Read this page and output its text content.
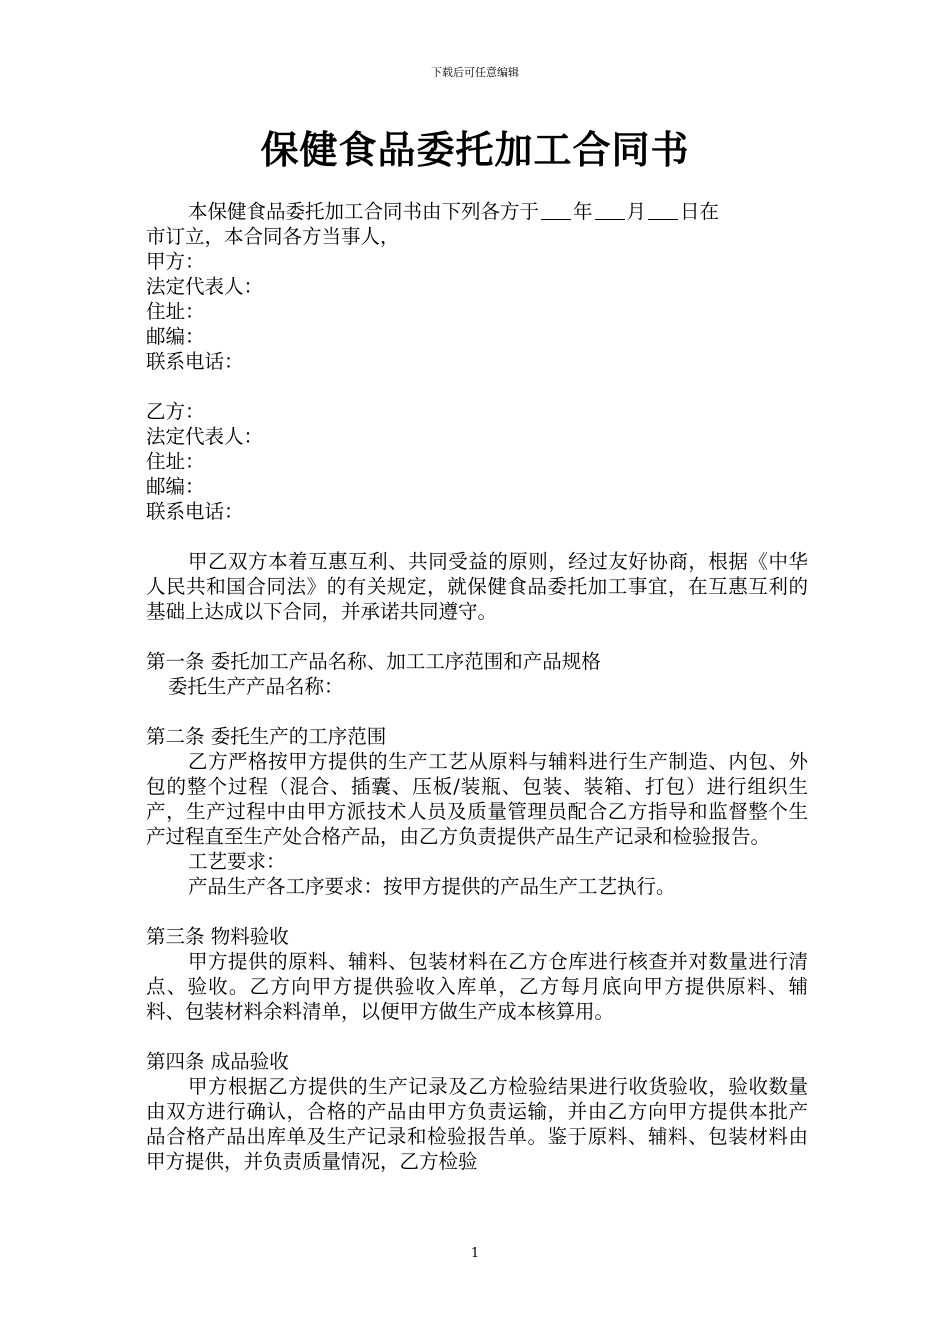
下载后可任意编辑
保健食品委托加工合同书

本保健食品委托加工合同书由下列各方于 年 月 日在

市订立，本合同各方当事人，

甲方：

法定代表人：

住址：

邮编：

联系电话：

乙方：

法定代表人：

住址：

邮编：

联系电话：

甲乙双方本着互惠互利、共同受益的原则，经过友好协商，根据《中华人民共和国合同法》的有关规定，就保健食品委托加工事宜，在互惠互利的基础上达成以下合同，并承诺共同遵守。

第一条 委托加工产品名称、加工工序范围和产品规格

委托生产产品名称：

第二条 委托生产的工序范围

乙方严格按甲方提供的生产工艺从原料与辅料进行生产制造、内包、外包的整个过程（混合、插囊、压板/装瓶、包装、装箱、打包）进行组织生产，生产过程中由甲方派技术人员及质量管理员配合乙方指导和监督整个生产过程直至生产处合格产品，由乙方负责提供产品生产记录和检验报告。

工艺要求：

产品生产各工序要求：按甲方提供的产品生产工艺执行。

第三条 物料验收

甲方提供的原料、辅料、包装材料在乙方仓库进行核查并对数量进行清点、验收。乙方向甲方提供验收入库单，乙方每月底向甲方提供原料、辅料、包装材料余料清单，以便甲方做生产成本核算用。

第四条 成品验收

甲方根据乙方提供的生产记录及乙方检验结果进行收货验收，验收数量由双方进行确认，合格的产品由甲方负责运输，并由乙方向甲方提供本批产品合格产品出库单及生产记录和检验报告单。鉴于原料、辅料、包装材料由甲方提供，并负责质量情况，乙方检验

1
